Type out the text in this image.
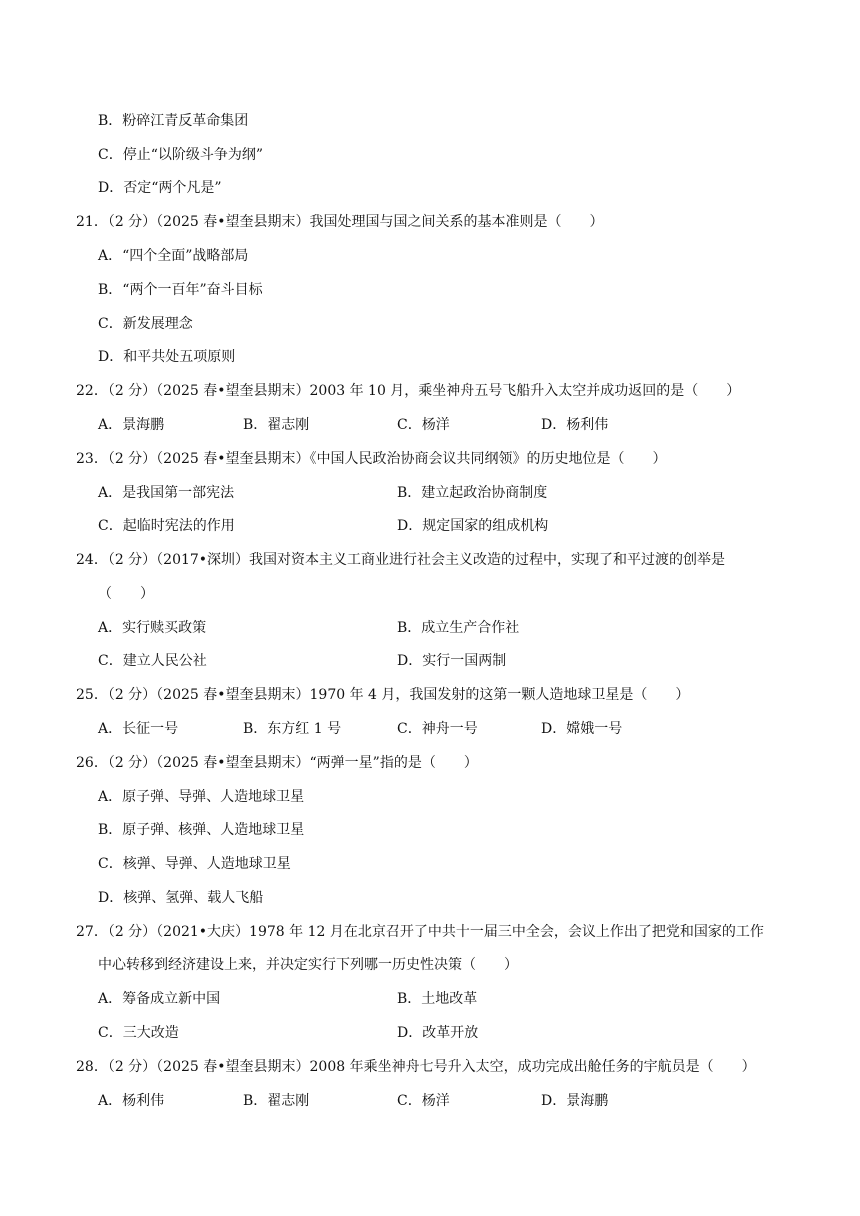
B．粉碎江青反革命集团
C．停止“以阶级斗争为纲”
D．否定“两个凡是”
21．（2 分）（2025 春•望奎县期末）我国处理国与国之间关系的基本准则是（　　）
A．“四个全面”战略部局
B．“两个一百年”奋斗目标
C．新发展理念
D．和平共处五项原则
22．（2 分）（2025 春•望奎县期末）2003 年 10 月，乘坐神舟五号飞船升入太空并成功返回的是（　　）
A．景海鹏	B．翟志刚	C．杨洋	D．杨利伟
23．（2 分）（2025 春•望奎县期末）《中国人民政治协商会议共同纲领》的历史地位是（　　）
A．是我国第一部宪法	B．建立起政治协商制度
C．起临时宪法的作用	D．规定国家的组成机构
24．（2 分）（2017•深圳）我国对资本主义工商业进行社会主义改造的过程中，实现了和平过渡的创举是
（　　）
A．实行赎买政策	B．成立生产合作社
C．建立人民公社	D．实行一国两制
25．（2 分）（2025 春•望奎县期末）1970 年 4 月，我国发射的这第一颗人造地球卫星是（　　）
A．长征一号	B．东方红 1 号	C．神舟一号	D．嫦娥一号
26．（2 分）（2025 春•望奎县期末）“两弹一星”指的是（　　）
A．原子弹、导弹、人造地球卫星
B．原子弹、核弹、人造地球卫星
C．核弹、导弹、人造地球卫星
D．核弹、氢弹、载人飞船
27．（2 分）（2021•大庆）1978 年 12 月在北京召开了中共十一届三中全会，会议上作出了把党和国家的工作
中心转移到经济建设上来，并决定实行下列哪一历史性决策（　　）
A．筹备成立新中国	B．土地改革
C．三大改造	D．改革开放
28．（2 分）（2025 春•望奎县期末）2008 年乘坐神舟七号升入太空，成功完成出舱任务的宇航员是（　　）
A．杨利伟	B．翟志刚	C．杨洋	D．景海鹏
